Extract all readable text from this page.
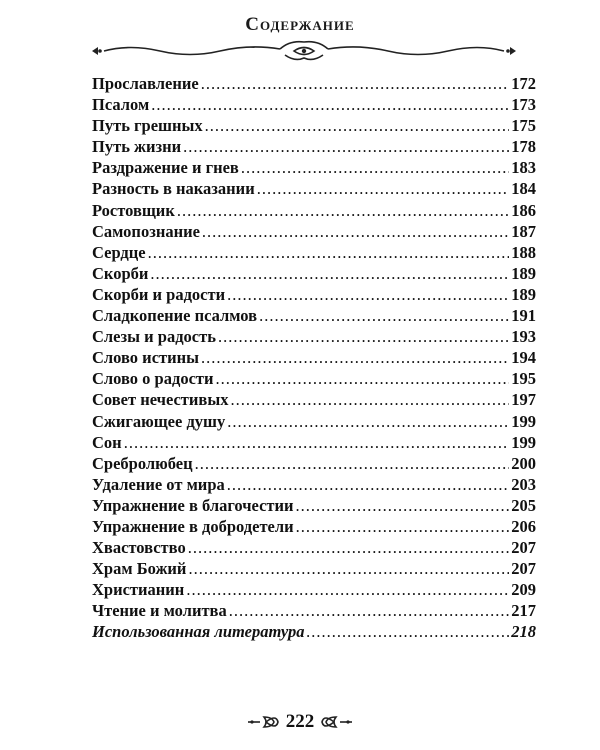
Содержание
Прославление .....	172
Псалом .....	173
Путь грешных .....	175
Путь жизни .....	178
Раздражение и гнев .....	183
Разность в наказании .....	184
Ростовщик .....	186
Самопознание .....	187
Сердце .....	188
Скорби .....	189
Скорби и радости .....	189
Сладкопение псалмов .....	191
Слезы и радость .....	193
Слово истины .....	194
Слово о радости .....	195
Совет нечестивых .....	197
Сжигающее душу .....	199
Сон .....	199
Сребролюбец .....	200
Удаление от мира .....	203
Упражнение в благочестии .....	205
Упражнение в добродетели .....	206
Хвастовство .....	207
Храм Божий .....	207
Христианин .....	209
Чтение и молитва .....	217
Использованная литература .....	218
222
